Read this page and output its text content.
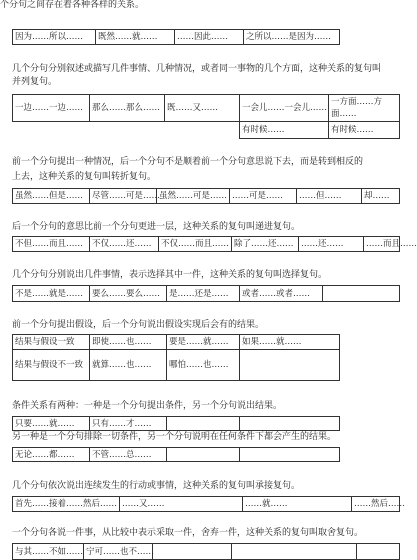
个分句之间存在着各种各样的关系。
因为……所以……	既然……就……	……因此……	之所以……是因为……
几个分句分别叙述或描写几件事情、几种情况，或者同一事物的几个方面，这种关系的复句叫
并列复句。
一边……一边……	那么……那么……	既……又……	一会儿……一会儿……	一方面……方面……
			有时候……	有时候……
前一个分句提出一种情况，后一个分句不是顺着前一个分句意思说下去，而是转到相反的
上去，这种关系的复句叫转折复句。
虽然……但是……	尽管……可是……	虽然……可是……	……可是……	……但……	却……
后一个分句的意思比前一个分句更进一层，这种关系的复句叫递进复句。
不但……而且……	不仅……还……	不仅……而且……	除了……还……	……还……	……而且……
几个分句分别说出几件事情，表示选择其中一件，这种关系的复句叫选择复句。
不是……就是……	要么……要么……	是……还是……	或者……或者……	
前一个分句提出假设，后一个分句说出假设实现后会有的结果。
结果与假设一致	即使……也……	要是……就……	如果……就……
结果与假设不一致	就算……也……	哪怕……也……	
条件关系有两种：一种是一个分句提出条件，另一个分句说出结果。
只要……就……	只有……才……		
另一种是一个分句排除一切条件，另一个分句说明在任何条件下都会产生的结果。
无论……都……	不管……总……		
几个分句依次说出连续发生的行动或事情，这种关系的复句叫承接复句。
首先……接着……然后……	……又……	……就……	……然后……
一个分句各说一件事，从比较中表示采取一件，舍弃一件，这种关系的复句叫取舍复句。
与其……不如……	宁可……也不……			
